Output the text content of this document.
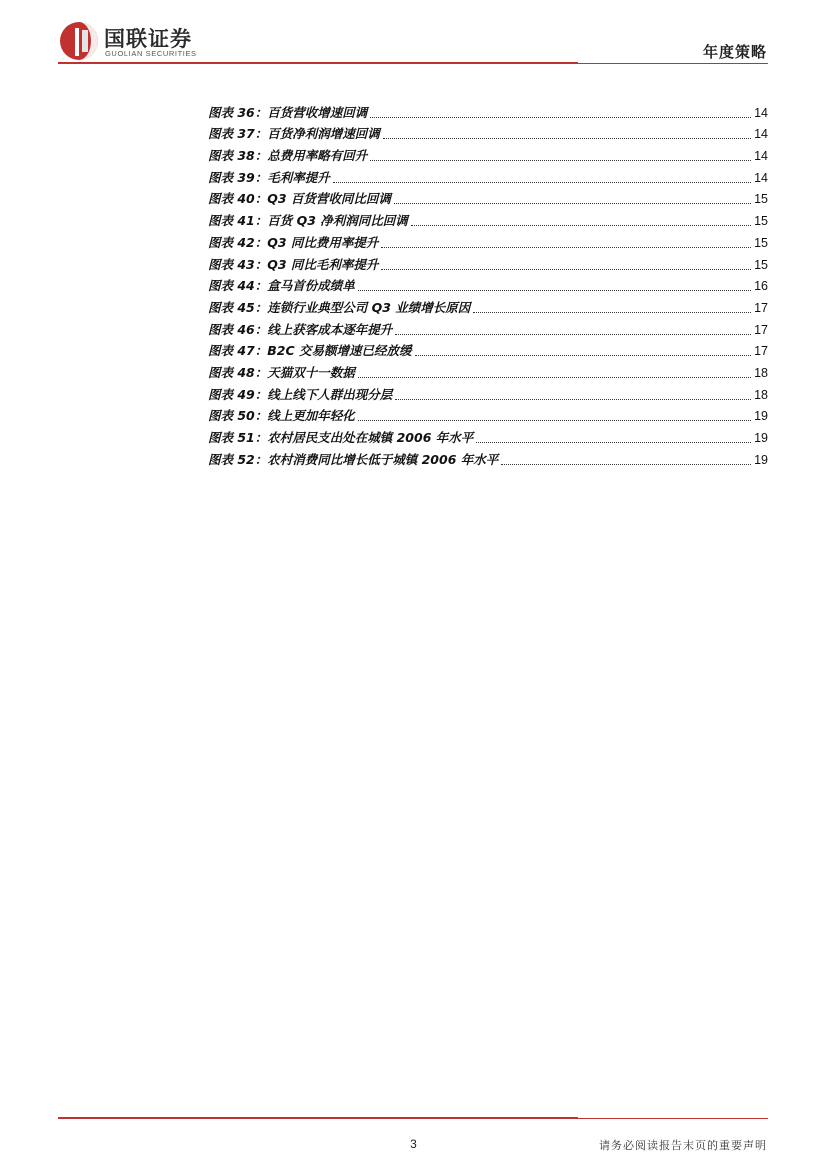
国联证券
GUOLIAN SECURITIES	年度策略
图表 36：百货营收增速回调	14
图表 37：百货净利润增速回调	14
图表 38：总费用率略有回升	14
图表 39：毛利率提升	14
图表 40：Q3 百货营收同比回调	15
图表 41：百货 Q3 净利润同比回调	15
图表 42：Q3 同比费用率提升	15
图表 43：Q3 同比毛利率提升	15
图表 44：盒马首份成绩单	16
图表 45：连锁行业典型公司 Q3 业绩增长原因	17
图表 46：线上获客成本逐年提升	17
图表 47：B2C 交易额增速已经放缓	17
图表 48：天猫双十一数据	18
图表 49：线上线下人群出现分层	18
图表 50：线上更加年轻化	19
图表 51：农村居民支出处在城镇 2006 年水平	19
图表 52：农村消费同比增长低于城镇 2006 年水平	19
3	请务必阅读报告末页的重要声明
